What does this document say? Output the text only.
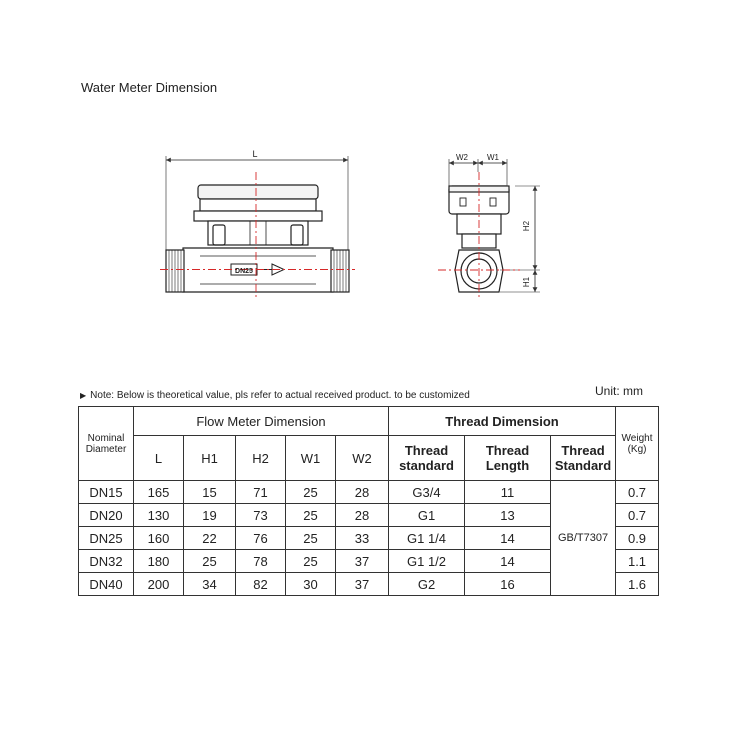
Water Meter Dimension
L	W2 W1
H2
H1
DN25
▶ Note: Below is theoretical value, pls refer to actual received product. to be customized	Unit: mm
Nominal Diameter	Flow Meter Dimension					Thread Dimension			Weight (Kg)
	L	H1	H2	W1	W2	Thread standard	Thread Length	Thread Standard	
DN15	165	15	71	25	28	G3/4	11	GB/T7307	0.7
DN20	130	19	73	25	28	G1	13		0.7
DN25	160	22	76	25	33	G1 1/4	14		0.9
DN32	180	25	78	25	37	G1 1/2	14		1.1
DN40	200	34	82	30	37	G2	16		1.6
